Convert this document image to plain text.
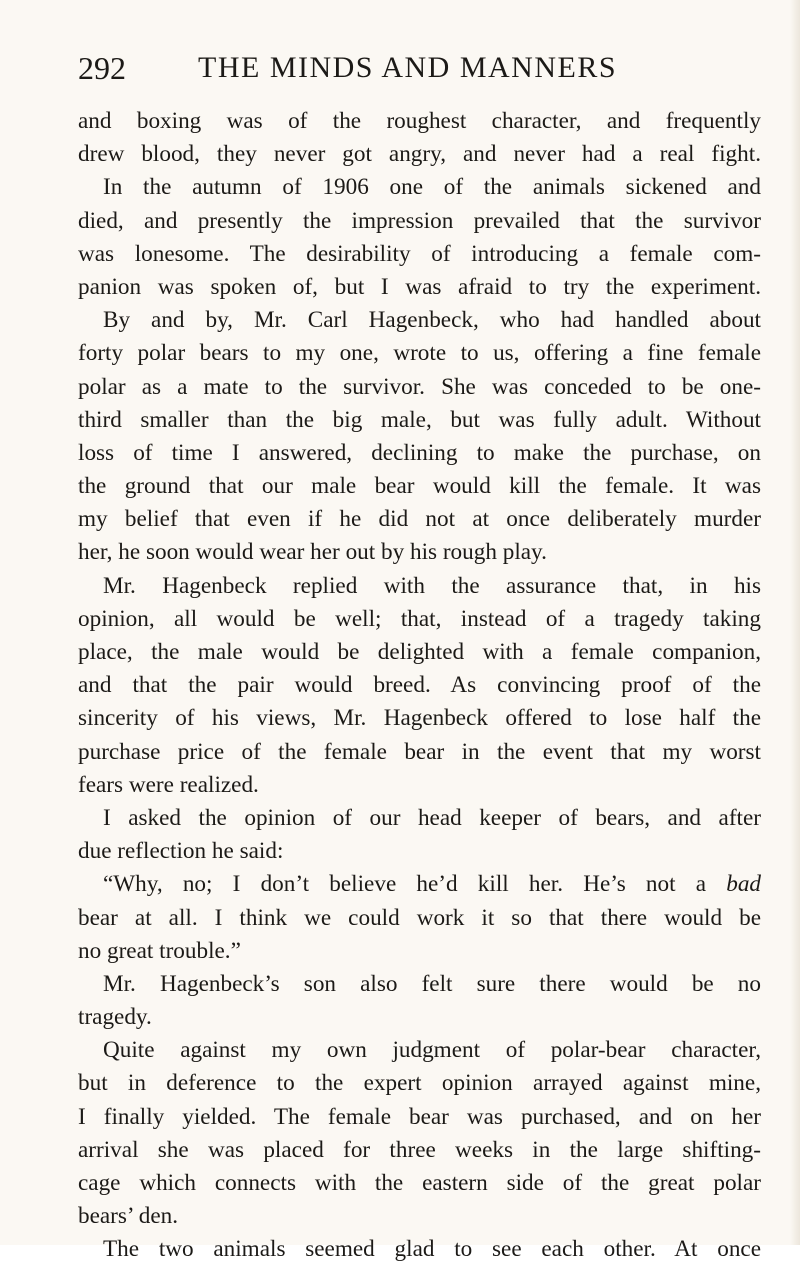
292 THE MINDS AND MANNERS
and boxing was of the roughest character, and frequently
drew blood, they never got angry, and never had a real fight.
In the autumn of 1906 one of the animals sickened and
died, and presently the impression prevailed that the survivor
was lonesome. The desirability of introducing a female com-
panion was spoken of, but I was afraid to try the experiment.
By and by, Mr. Carl Hagenbeck, who had handled about
forty polar bears to my one, wrote to us, offering a fine female
polar as a mate to the survivor. She was conceded to be one-
third smaller than the big male, but was fully adult. Without
loss of time I answered, declining to make the purchase, on
the ground that our male bear would kill the female. It was
my belief that even if he did not at once deliberately murder
her, he soon would wear her out by his rough play.
Mr. Hagenbeck replied with the assurance that, in his
opinion, all would be well; that, instead of a tragedy taking
place, the male would be delighted with a female companion,
and that the pair would breed. As convincing proof of the
sincerity of his views, Mr. Hagenbeck offered to lose half the
purchase price of the female bear in the event that my worst
fears were realized.
I asked the opinion of our head keeper of bears, and after
due reflection he said:
“Why, no; I don’t believe he’d kill her. He’s not a bad
bear at all. I think we could work it so that there would be
no great trouble.”
Mr. Hagenbeck’s son also felt sure there would be no
tragedy.
Quite against my own judgment of polar-bear character,
but in deference to the expert opinion arrayed against mine,
I finally yielded. The female bear was purchased, and on her
arrival she was placed for three weeks in the large shifting-
cage which connects with the eastern side of the great polar
bears’ den.
The two animals seemed glad to see each other. At once
